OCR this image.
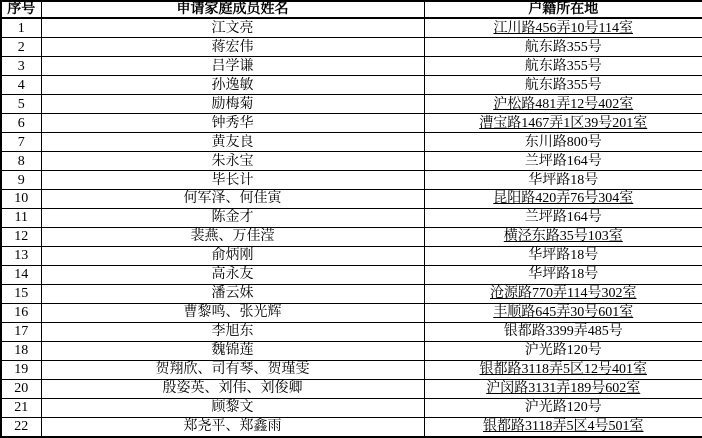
序号	申请家庭成员姓名	户籍所在地
1	江文亮	江川路456弄10号114室
2	蒋宏伟	航东路355号
3	吕学谦	航东路355号
4	孙逸敏	航东路355号
5	励梅菊	沪松路481弄12号402室
6	钟秀华	漕宝路1467弄1区39号201室
7	黄友良	东川路800号
8	朱永宝	兰坪路164号
9	毕长计	华坪路18号
10	何军泽、何佳寅	昆阳路420弄76号304室
11	陈金才	兰坪路164号
12	裴燕、万佳滢	横泾东路35号103室
13	俞炳刚	华坪路18号
14	高永友	华坪路18号
15	潘云妹	沧源路770弄114号302室
16	曹黎鸣、张光辉	丰顺路645弄30号601室
17	李旭东	银都路3399弄485号
18	魏锦莲	沪光路120号
19	贺翔欣、司有琴、贺瑾雯	银都路3118弄5区12号401室
20	殷姿英、刘伟、刘俊卿	沪闵路3131弄189号602室
21	顾黎文	沪光路120号
22	郑尧平、郑鑫雨	银都路3118弄5区4号501室
